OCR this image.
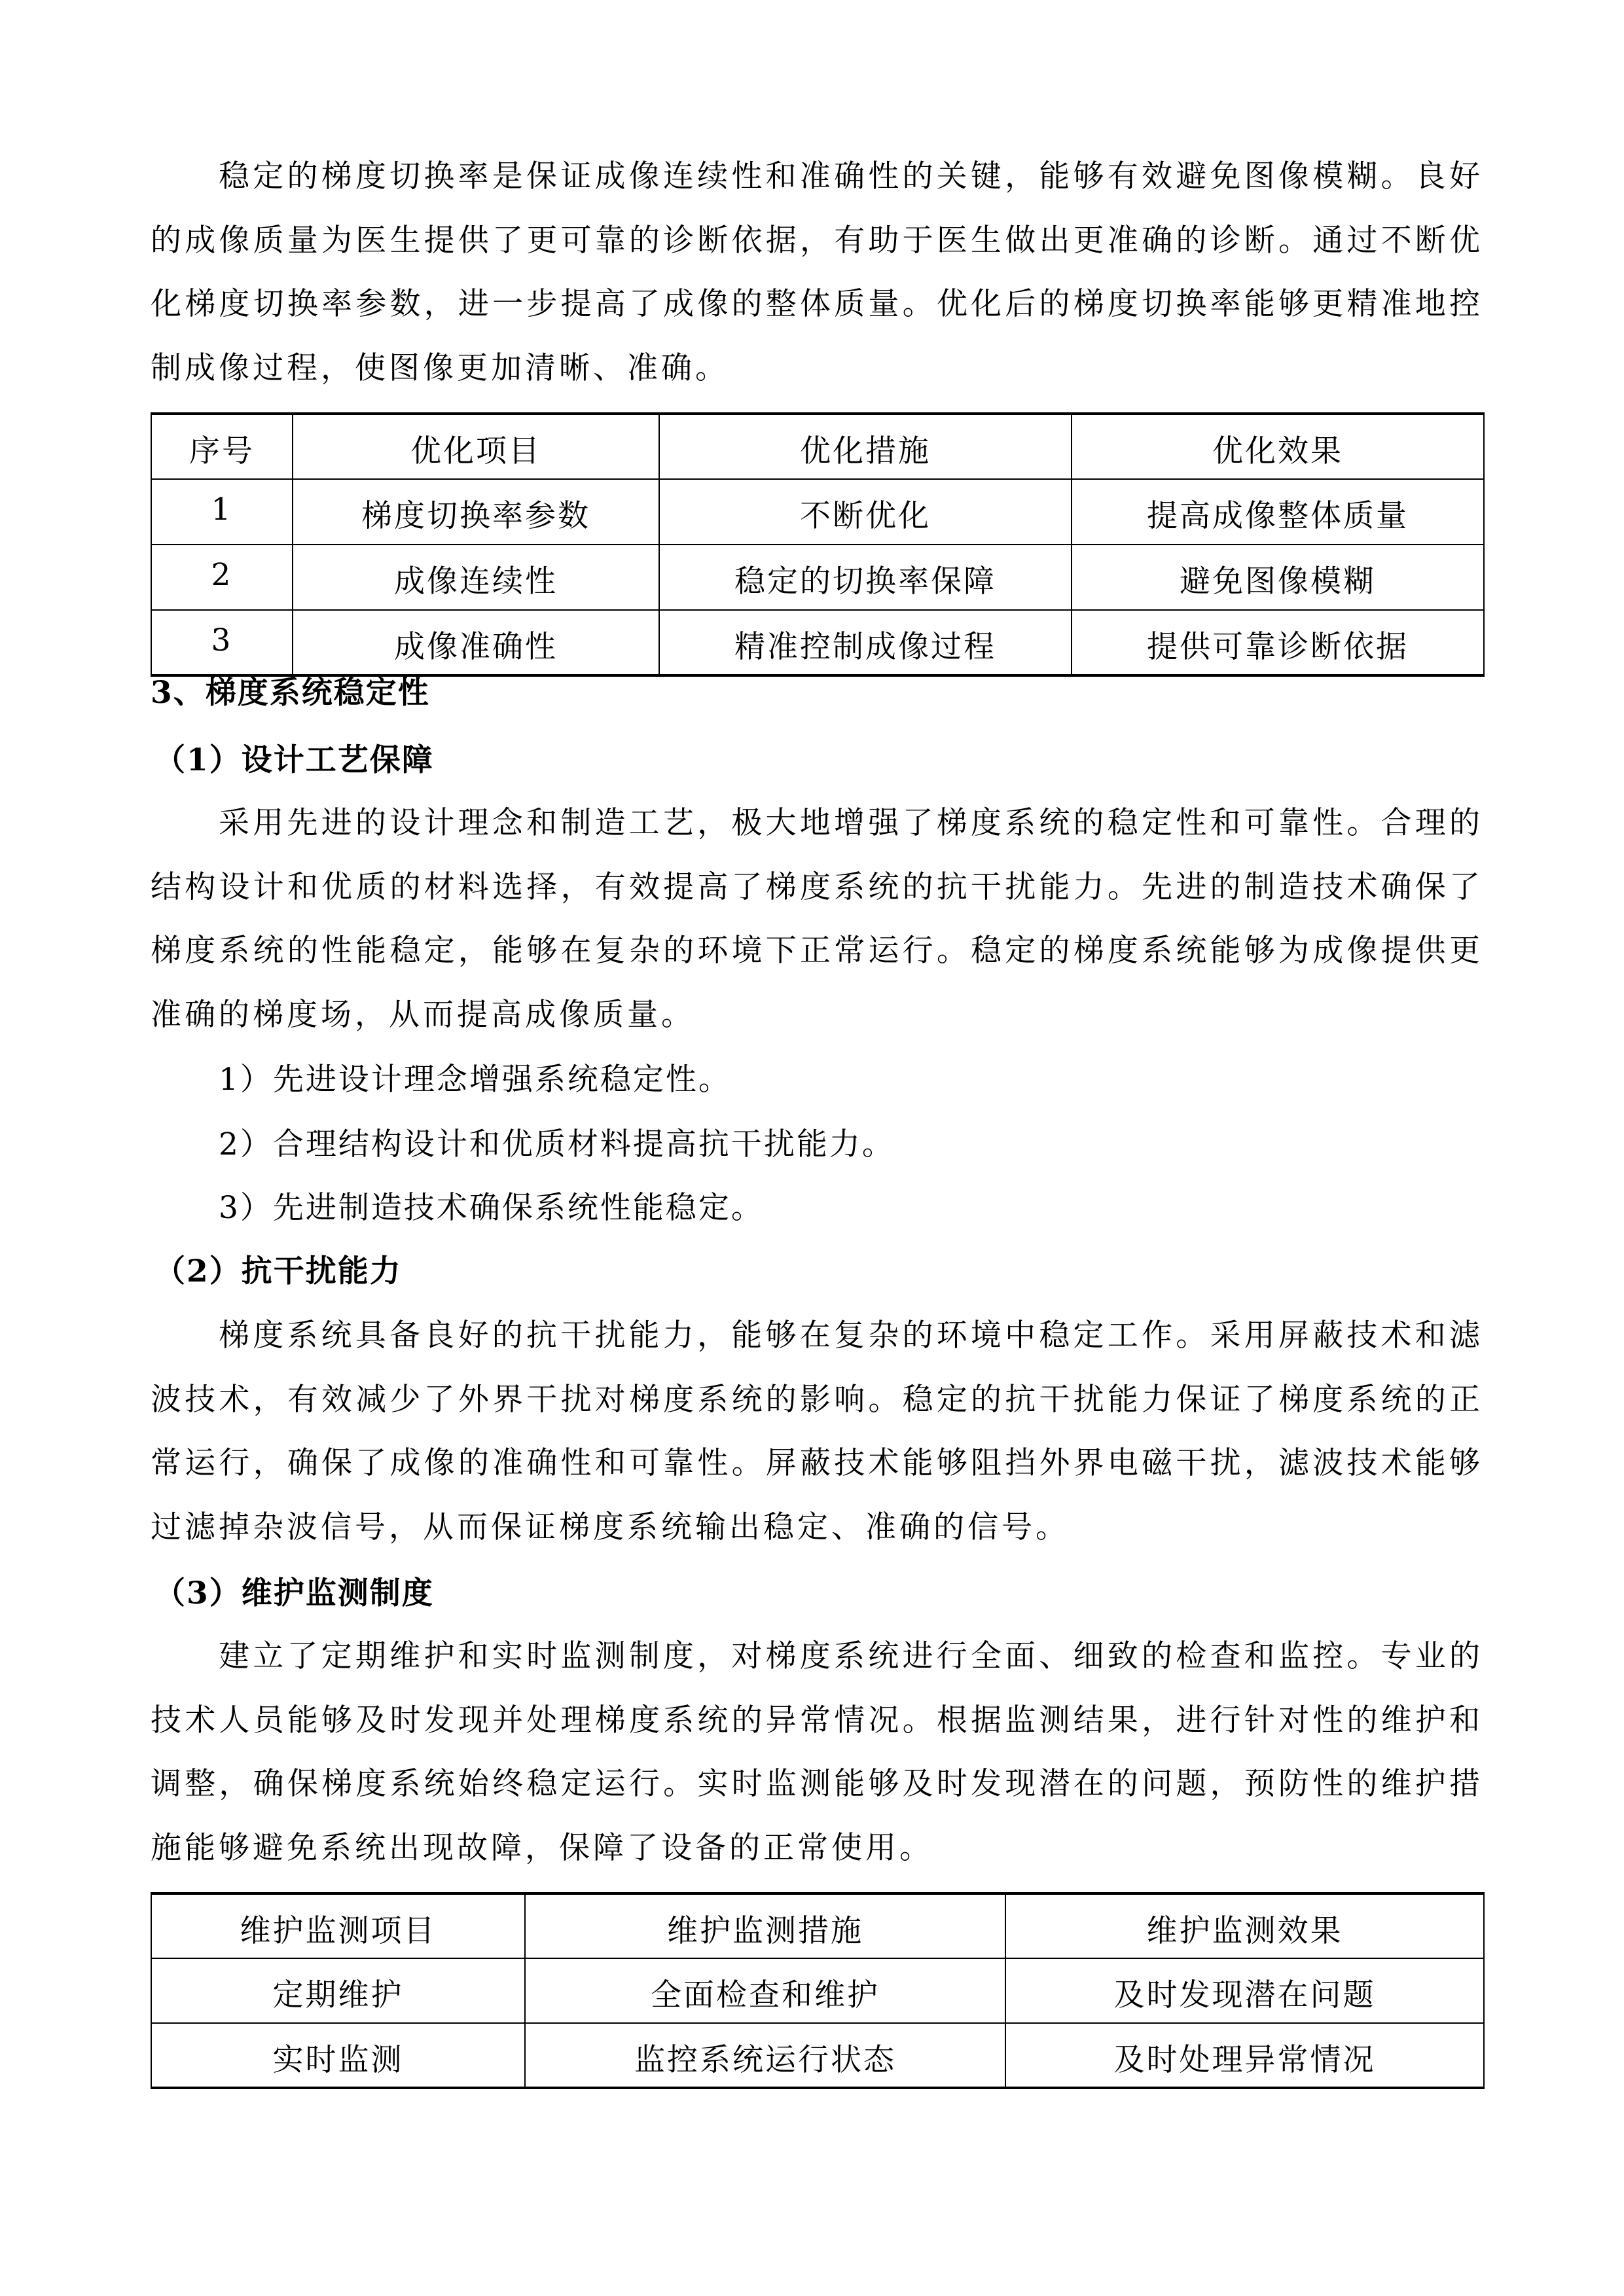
稳定的梯度切换率是保证成像连续性和准确性的关键，能够有效避免图像模糊。良好的成像质量为医生提供了更可靠的诊断依据，有助于医生做出更准确的诊断。通过不断优化梯度切换率参数，进一步提高了成像的整体质量。优化后的梯度切换率能够更精准地控制成像过程，使图像更加清晰、准确。
序号	优化项目	优化措施	优化效果
1	梯度切换率参数	不断优化	提高成像整体质量
2	成像连续性	稳定的切换率保障	避免图像模糊
3	成像准确性	精准控制成像过程	提供可靠诊断依据
3、梯度系统稳定性
（1）设计工艺保障
采用先进的设计理念和制造工艺，极大地增强了梯度系统的稳定性和可靠性。合理的结构设计和优质的材料选择，有效提高了梯度系统的抗干扰能力。先进的制造技术确保了梯度系统的性能稳定，能够在复杂的环境下正常运行。稳定的梯度系统能够为成像提供更准确的梯度场，从而提高成像质量。
1）先进设计理念增强系统稳定性。
2）合理结构设计和优质材料提高抗干扰能力。
3）先进制造技术确保系统性能稳定。
（2）抗干扰能力
梯度系统具备良好的抗干扰能力，能够在复杂的环境中稳定工作。采用屏蔽技术和滤波技术，有效减少了外界干扰对梯度系统的影响。稳定的抗干扰能力保证了梯度系统的正常运行，确保了成像的准确性和可靠性。屏蔽技术能够阻挡外界电磁干扰，滤波技术能够过滤掉杂波信号，从而保证梯度系统输出稳定、准确的信号。
（3）维护监测制度
建立了定期维护和实时监测制度，对梯度系统进行全面、细致的检查和监控。专业的技术人员能够及时发现并处理梯度系统的异常情况。根据监测结果，进行针对性的维护和调整，确保梯度系统始终稳定运行。实时监测能够及时发现潜在的问题，预防性的维护措施能够避免系统出现故障，保障了设备的正常使用。
维护监测项目	维护监测措施	维护监测效果
定期维护	全面检查和维护	及时发现潜在问题
实时监测	监控系统运行状态	及时处理异常情况
